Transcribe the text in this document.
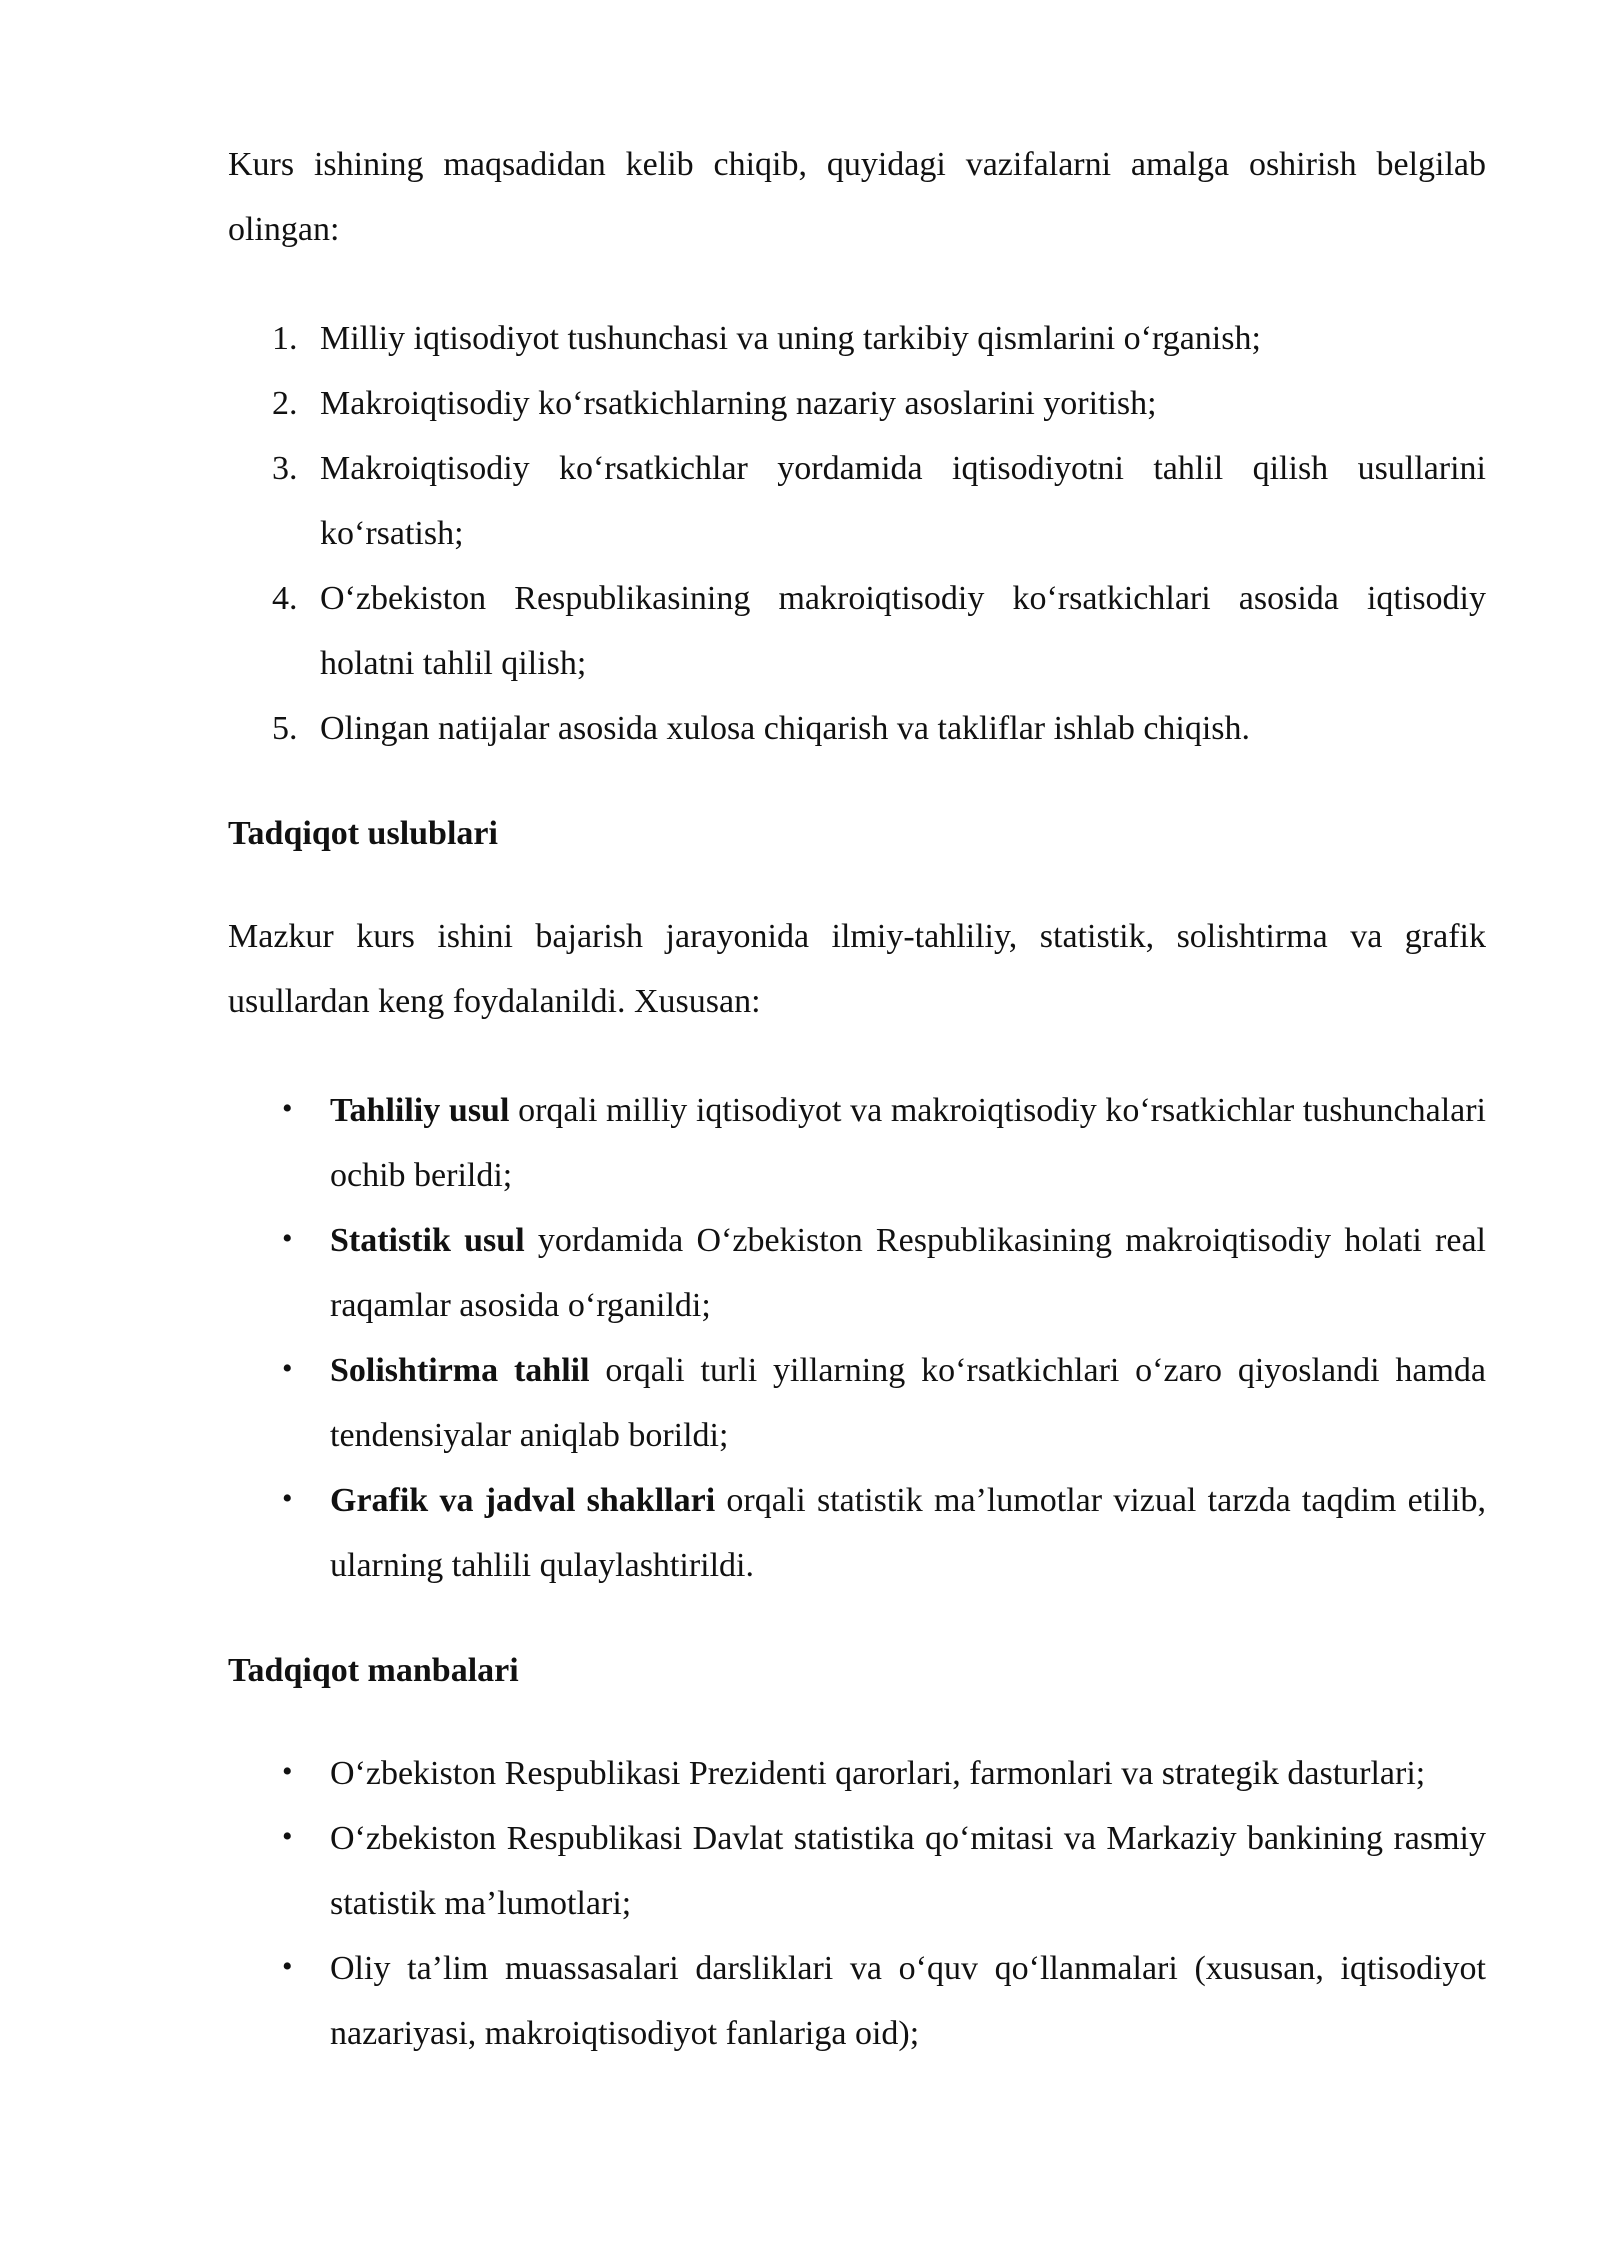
Kurs ishining maqsadidan kelib chiqib, quyidagi vazifalarni amalga oshirish belgilab olingan:

1. Milliy iqtisodiyot tushunchasi va uning tarkibiy qismlarini o‘rganish;
2. Makroiqtisodiy ko‘rsatkichlarning nazariy asoslarini yoritish;
3. Makroiqtisodiy ko‘rsatkichlar yordamida iqtisodiyotni tahlil qilish usullarini ko‘rsatish;
4. O‘zbekiston Respublikasining makroiqtisodiy ko‘rsatkichlari asosida iqtisodiy holatni tahlil qilish;
5. Olingan natijalar asosida xulosa chiqarish va takliflar ishlab chiqish.
Tadqiqot uslublari

Mazkur kurs ishini bajarish jarayonida ilmiy-tahliliy, statistik, solishtirma va grafik usullardan keng foydalanildi. Xususan:

• Tahliliy usul orqali milliy iqtisodiyot va makroiqtisodiy ko‘rsatkichlar tushunchalari ochib berildi;
• Statistik usul yordamida O‘zbekiston Respublikasining makroiqtisodiy holati real raqamlar asosida o‘rganildi;
• Solishtirma tahlil orqali turli yillarning ko‘rsatkichlari o‘zaro qiyoslandi hamda tendensiyalar aniqlab borildi;
• Grafik va jadval shakllari orqali statistik ma’lumotlar vizual tarzda taqdim etilib, ularning tahlili qulaylashtirildi.
Tadqiqot manbalari
• O‘zbekiston Respublikasi Prezidenti qarorlari, farmonlari va strategik dasturlari;
• O‘zbekiston Respublikasi Davlat statistika qo‘mitasi va Markaziy bankining rasmiy statistik ma’lumotlari;
• Oliy ta’lim muassasalari darsliklari va o‘quv qo‘llanmalari (xususan, iqtisodiyot nazariyasi, makroiqtisodiyot fanlariga oid);
